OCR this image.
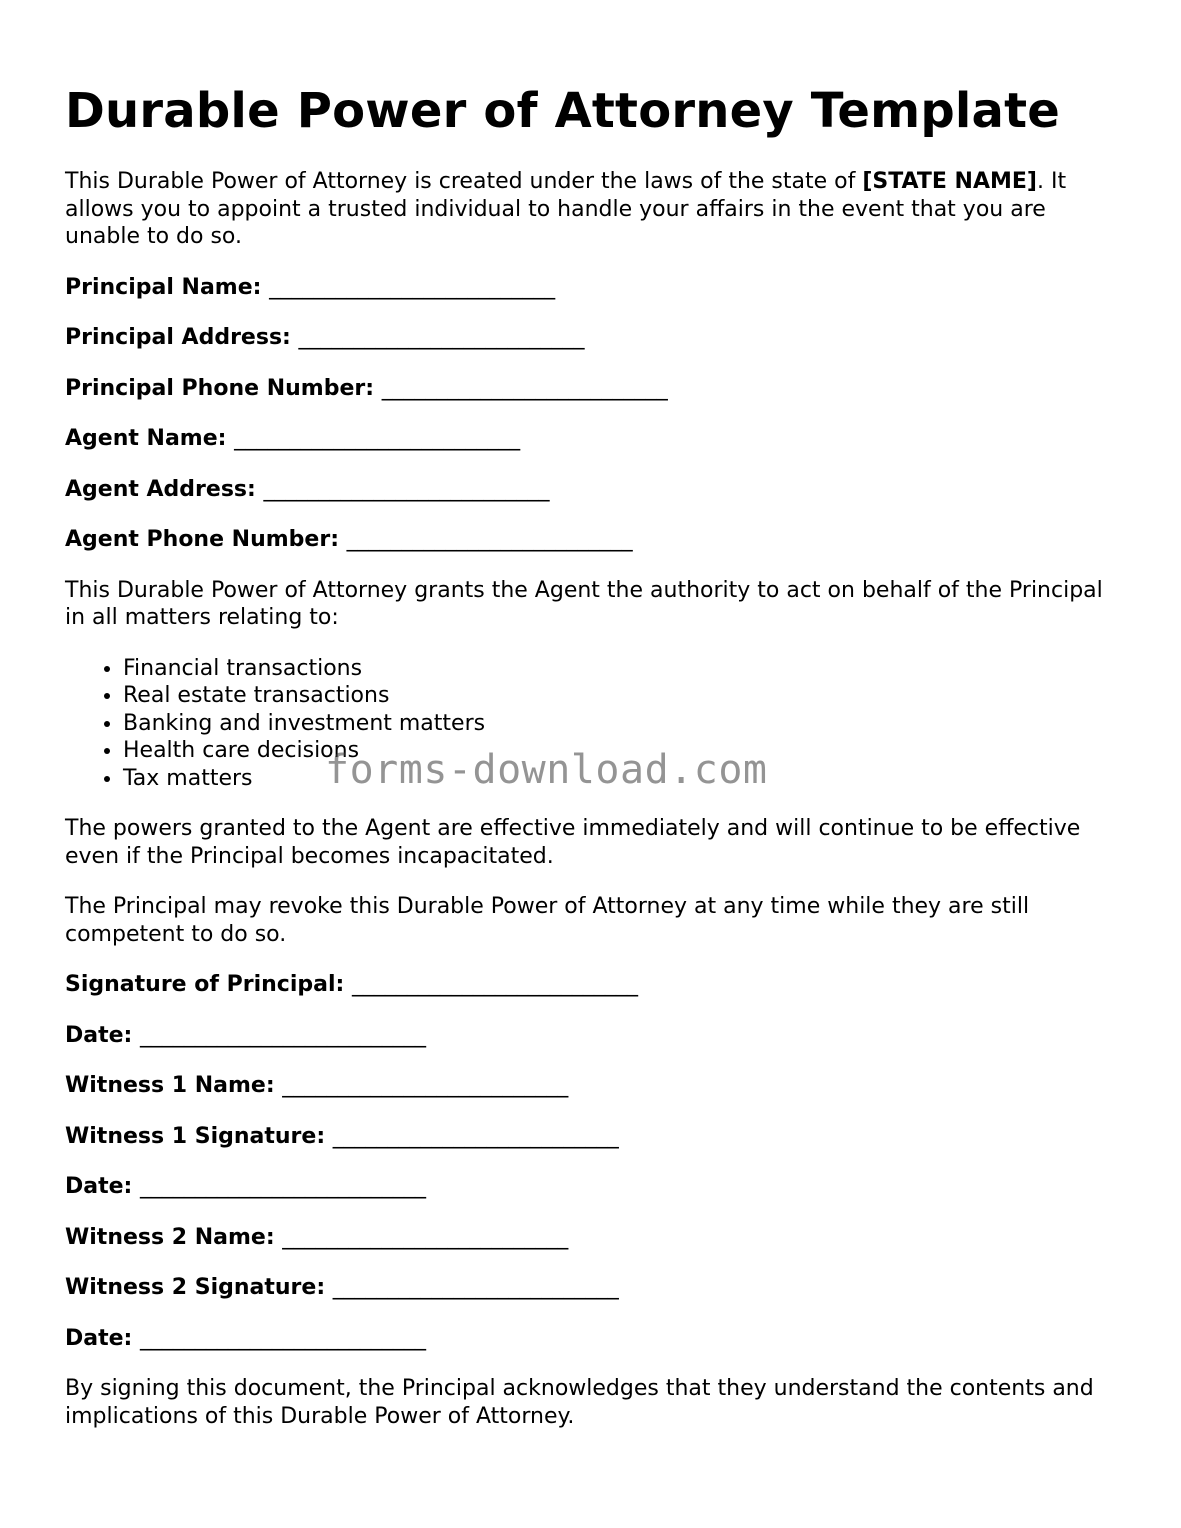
Durable Power of Attorney Template

This Durable Power of Attorney is created under the laws of the state of [STATE NAME]. It allows you to appoint a trusted individual to handle your affairs in the event that you are unable to do so.

Principal Name: __________________________
Principal Address: __________________________
Principal Phone Number: __________________________
Agent Name: __________________________
Agent Address: __________________________
Agent Phone Number: __________________________

This Durable Power of Attorney grants the Agent the authority to act on behalf of the Principal in all matters relating to:

• Financial transactions
• Real estate transactions
• Banking and investment matters
• Health care decisions
• Tax matters

The powers granted to the Agent are effective immediately and will continue to be effective even if the Principal becomes incapacitated.

The Principal may revoke this Durable Power of Attorney at any time while they are still competent to do so.

Signature of Principal: __________________________
Date: __________________________
Witness 1 Name: __________________________
Witness 1 Signature: __________________________
Date: __________________________
Witness 2 Name: __________________________
Witness 2 Signature: __________________________
Date: __________________________

By signing this document, the Principal acknowledges that they understand the contents and implications of this Durable Power of Attorney.

forms-download.com
